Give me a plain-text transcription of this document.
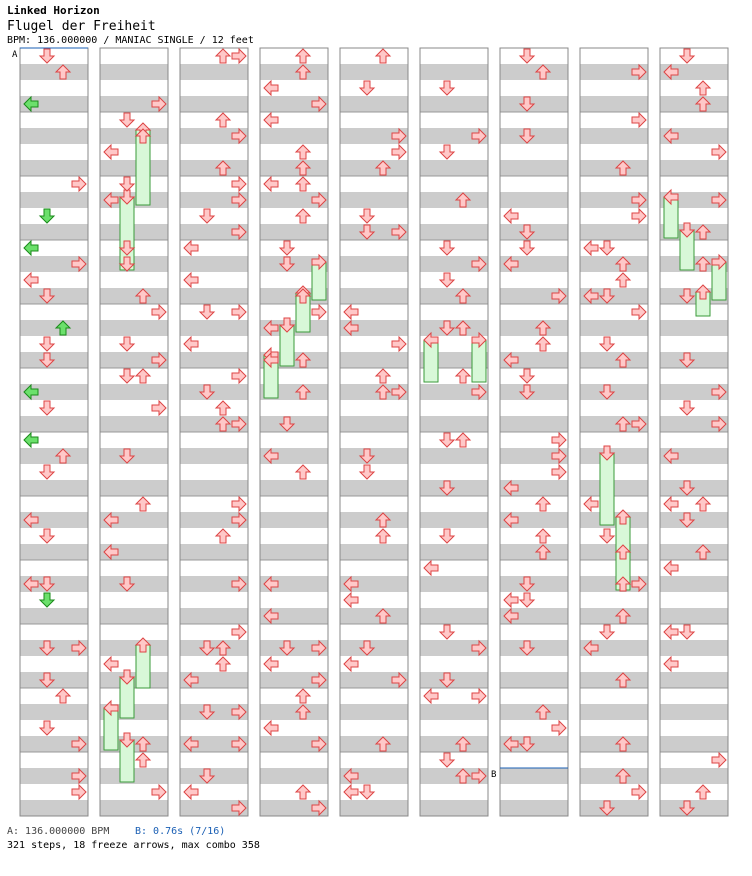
Linked Horizon
Flugel der Freiheit
BPM: 136.000000 / MANIAC SINGLE / 12 feet
A
B
A: 136.000000 BPM	B: 0.76s (7/16)
321 steps, 18 freeze arrows, max combo 358
